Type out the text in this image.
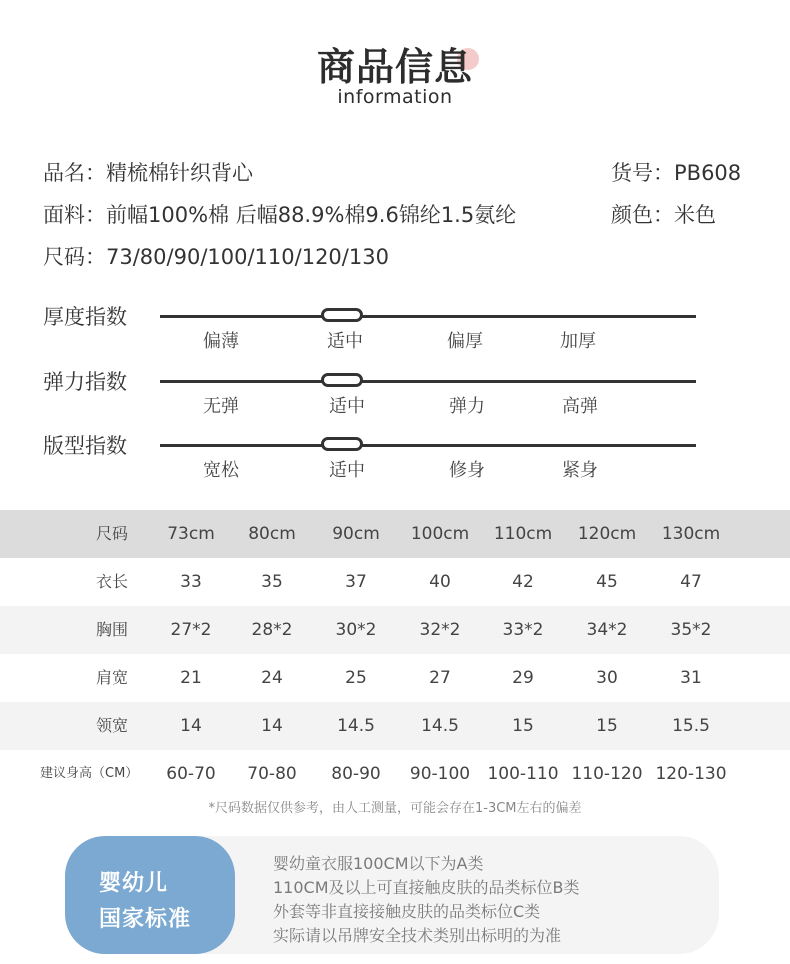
商品信息
information
品名：精梳棉针织背心	货号：PB608
面料：前幅100%棉 后幅88.9%棉9.6锦纶1.5氨纶	颜色：米色
尺码：73/80/90/100/110/120/130
厚度指数
偏薄	适中	偏厚	加厚
弹力指数
无弹	适中	弹力	高弹
版型指数
宽松	适中	修身	紧身
尺码	73cm	80cm	90cm	100cm	110cm	120cm	130cm
衣长	33	35	37	40	42	45	47
胸围	27*2	28*2	30*2	32*2	33*2	34*2	35*2
肩宽	21	24	25	27	29	30	31
领宽	14	14	14.5	14.5	15	15	15.5
建议身高（CM）	60-70	70-80	80-90	90-100	100-110 110-120 120-130
*尺码数据仅供参考，由人工测量，可能会存在1-3CM左右的偏差
婴幼儿
国家标准
婴幼童衣服100CM以下为A类
110CM及以上可直接触皮肤的品类标位B类
外套等非直接接触皮肤的品类标位C类
实际请以吊牌安全技术类别出标明的为准
